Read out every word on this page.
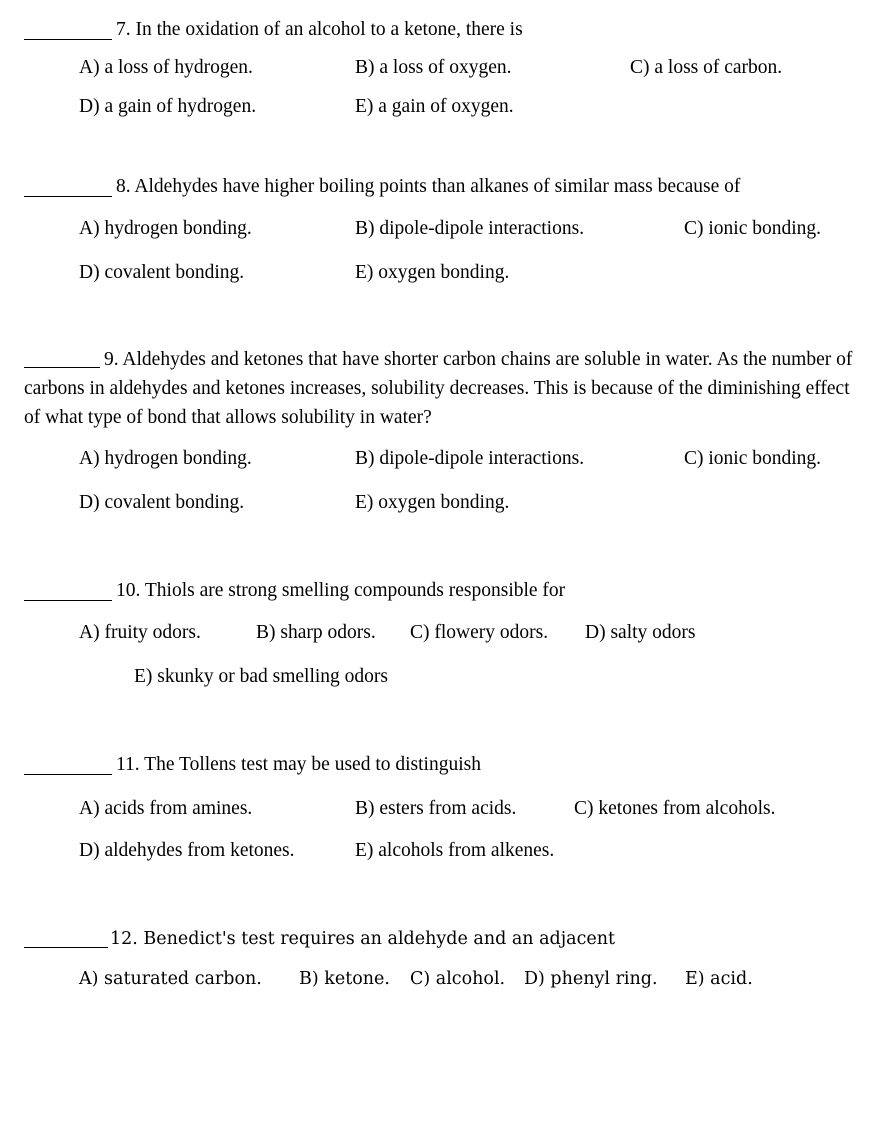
7. In the oxidation of an alcohol to a ketone, there is
A) a loss of hydrogen.	B) a loss of oxygen.	C) a loss of carbon.
D) a gain of hydrogen.	E) a gain of oxygen.
8. Aldehydes have higher boiling points than alkanes of similar mass because of
A) hydrogen bonding.	B) dipole-dipole interactions.	C) ionic bonding.
D) covalent bonding.	E) oxygen bonding.
9. Aldehydes and ketones that have shorter carbon chains are soluble in water. As the number of carbons in aldehydes and ketones increases, solubility decreases. This is because of the diminishing effect of what type of bond that allows solubility in water?
A) hydrogen bonding.	B) dipole-dipole interactions.	C) ionic bonding.
D) covalent bonding.	E) oxygen bonding.
10. Thiols are strong smelling compounds responsible for
A) fruity odors.	B) sharp odors. C) flowery odors. D) salty odors
E) skunky or bad smelling odors
11. The Tollens test may be used to distinguish
A) acids from amines.	B) esters from acids.	C) ketones from alcohols.
D) aldehydes from ketones.	E) alcohols from alkenes.
12. Benedict's test requires an aldehyde and an adjacent
A) saturated carbon. B) ketone. C) alcohol. D) phenyl ring. E) acid.
